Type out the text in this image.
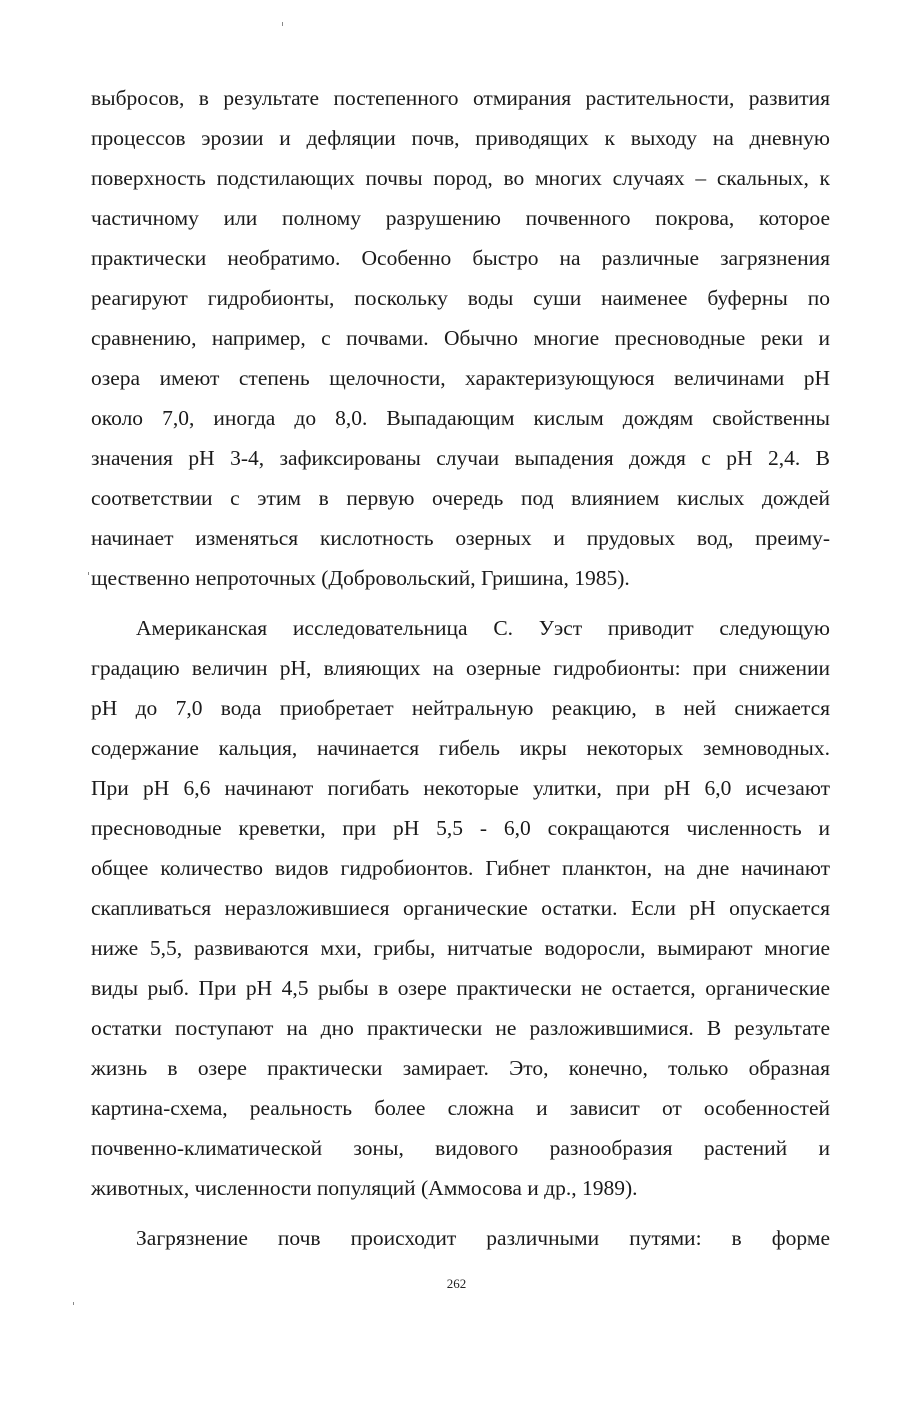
выбросов, в результате постепенного отмирания растительности, развития
процессов эрозии и дефляции почв, приводящих к выходу на дневную
поверхность подстилающих почвы пород, во многих случаях – скальных, к
частичному или полному разрушению почвенного покрова, которое
практически необратимо. Особенно быстро на различные загрязнения
реагируют гидробионты, поскольку воды суши наименее буферны по
сравнению, например, с почвами. Обычно многие пресноводные реки и
озера имеют степень щелочности, характеризующуюся величинами pH
около 7,0, иногда до 8,0. Выпадающим кислым дождям свойственны
значения pH 3-4, зафиксированы случаи выпадения дождя с pH 2,4. В
соответствии с этим в первую очередь под влиянием кислых дождей
начинает изменяться кислотность озерных и прудовых вод, преиму-
щественно непроточных (Добровольский, Гришина, 1985).
Американская исследовательница С. Уэст приводит следующую
градацию величин pH, влияющих на озерные гидробионты: при снижении
pH до 7,0 вода приобретает нейтральную реакцию, в ней снижается
содержание кальция, начинается гибель икры некоторых земноводных.
При pH 6,6 начинают погибать некоторые улитки, при pH 6,0 исчезают
пресноводные креветки, при pH 5,5 - 6,0 сокращаются численность и
общее количество видов гидробионтов. Гибнет планктон, на дне начинают
скапливаться неразложившиеся органические остатки. Если pH опускается
ниже 5,5, развиваются мхи, грибы, нитчатые водоросли, вымирают многие
виды рыб. При pH 4,5 рыбы в озере практически не остается, органические
остатки поступают на дно практически не разложившимися. В результате
жизнь в озере практически замирает. Это, конечно, только образная
картина-схема, реальность более сложна и зависит от особенностей
почвенно-климатической зоны, видового разнообразия растений и
животных, численности популяций (Аммосова и др., 1989).
Загрязнение почв происходит различными путями: в форме
262
